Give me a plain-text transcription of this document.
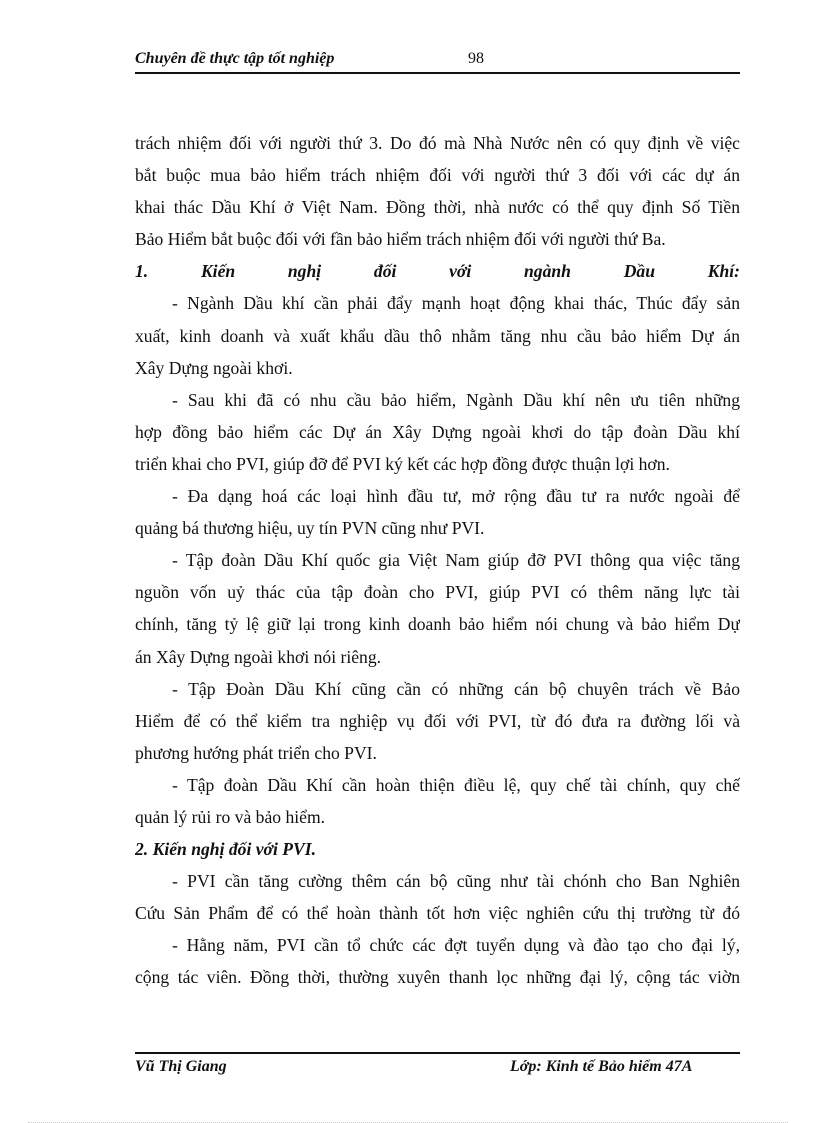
Chuyên đề thực tập tốt nghiệp	98
trách nhiệm đối với người thứ 3. Do đó mà Nhà Nước nên có quy định về việc
bắt buộc mua bảo hiểm trách nhiệm đối với người thứ 3 đối với các dự án
khai thác Dầu Khí ở Việt Nam. Đồng thời, nhà nước có thể quy định Số Tiền
Bảo Hiểm bắt buộc đối với fần bảo hiểm trách nhiệm đối với người thứ Ba.
1. Kiến nghị đối với ngành Dầu Khí:
- Ngành Dầu khí cần phải đẩy mạnh hoạt động khai thác, Thúc đẩy sản
xuất, kinh doanh và xuất khẩu dầu thô nhằm tăng nhu cầu bảo hiểm Dự án
Xây Dựng ngoài khơi.
- Sau khi đã có nhu cầu bảo hiểm, Ngành Dầu khí nên ưu tiên những
hợp đồng bảo hiểm các Dự án Xây Dựng ngoài khơi do tập đoàn Dầu khí
triển khai cho PVI, giúp đỡ để PVI ký kết các hợp đồng được thuận lợi hơn.
- Đa dạng hoá các loại hình đầu tư, mở rộng đầu tư ra nước ngoài để
quảng bá thương hiệu, uy tín PVN cũng như PVI.
- Tập đoàn Dầu Khí quốc gia Việt Nam giúp đỡ PVI thông qua việc tăng
nguồn vốn uỷ thác của tập đoàn cho PVI, giúp PVI có thêm năng lực tài
chính, tăng tỷ lệ giữ lại trong kinh doanh bảo hiểm nói chung và bảo hiểm Dự
án Xây Dựng ngoài khơi nói riêng.
- Tập Đoàn Dầu Khí cũng cần có những cán bộ chuyên trách về Bảo
Hiểm để có thể kiểm tra nghiệp vụ đối với PVI, từ đó đưa ra đường lối và
phương hướng phát triển cho PVI.
- Tập đoàn Dầu Khí cần hoàn thiện điều lệ, quy chế tài chính, quy chế
quản lý rủi ro và bảo hiểm.
2. Kiến nghị đối với PVI.
- PVI cần tăng cường thêm cán bộ cũng như tài chónh cho Ban Nghiên
Cứu Sản Phẩm để có thể hoàn thành tốt hơn việc nghiên cứu thị trường từ đó
- Hằng năm, PVI cần tổ chức các đợt tuyển dụng và đào tạo cho đại lý,
cộng tác viên. Đồng thời, thường xuyên thanh lọc những đại lý, cộng tác viờn
Vũ Thị Giang	Lớp: Kinh tế Bảo hiểm 47A
